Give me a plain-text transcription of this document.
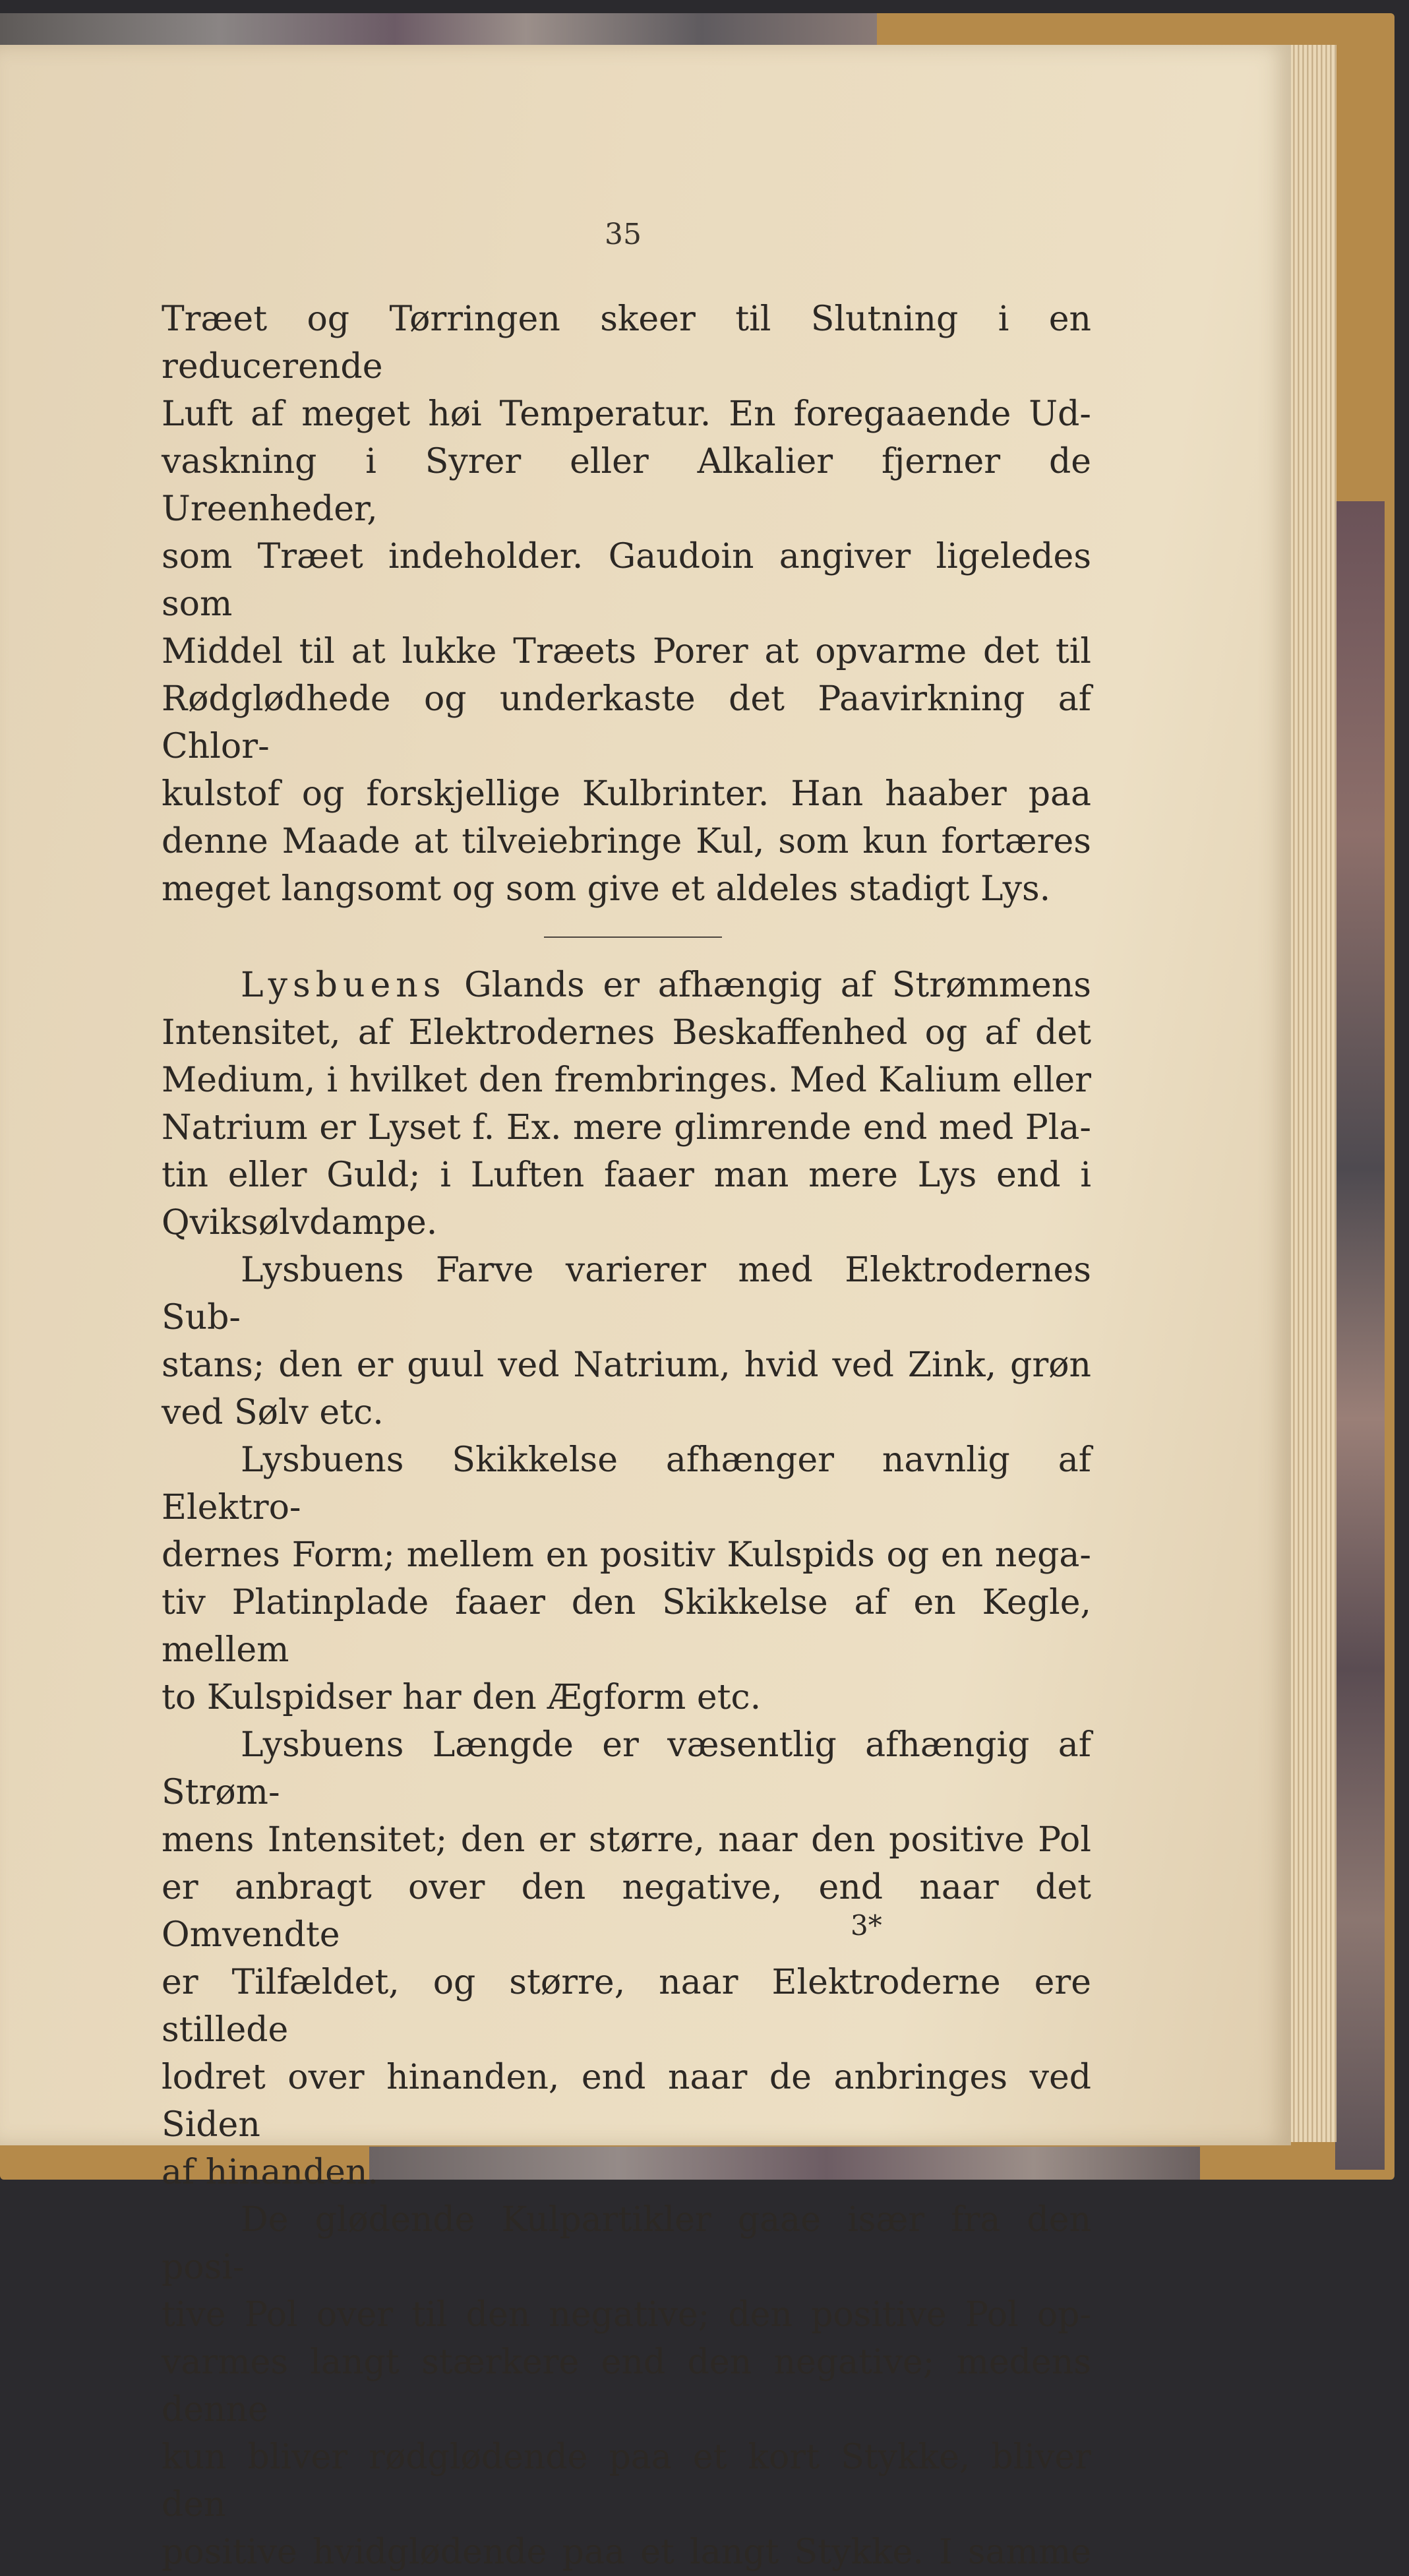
35

Træet og Tørringen skeer til Slutning i en reducerende

Luft af meget høi Temperatur. En foregaaende Ud-

vaskning i Syrer eller Alkalier fjerner de Ureenheder,

som Træet indeholder. Gaudoin angiver ligeledes som

Middel til at lukke Træets Porer at opvarme det til

Rødglødhede og underkaste det Paavirkning af Chlor-

kulstof og forskjellige Kulbrinter. Han haaber paa

denne Maade at tilveiebringe Kul, som kun fortæres

meget langsomt og som give et aldeles stadigt Lys.

Lysbuens Glands er afhængig af Strømmens

Intensitet, af Elektrodernes Beskaffenhed og af det

Medium, i hvilket den frembringes. Med Kalium eller

Natrium er Lyset f. Ex. mere glimrende end med Pla-

tin eller Guld; i Luften faaer man mere Lys end i

Qviksølvdampe.

Lysbuens Farve varierer med Elektrodernes Sub-

stans; den er guul ved Natrium, hvid ved Zink, grøn

ved Sølv etc.

Lysbuens Skikkelse afhænger navnlig af Elektro-

dernes Form; mellem en positiv Kulspids og en nega-

tiv Platinplade faaer den Skikkelse af en Kegle, mellem

to Kulspidser har den Ægform etc.

Lysbuens Længde er væsentlig afhængig af Strøm-

mens Intensitet; den er større, naar den positive Pol

er anbragt over den negative, end naar det Omvendte

er Tilfældet, og større, naar Elektroderne ere stillede

lodret over hinanden, end naar de anbringes ved Siden

af hinanden.

De glødende Kulpartikler gaae især fra den posi-

tive Pol over til den negative; den positive Pol op-

varmes langt stærkere end den negative; medens denne

kun bliver rødglødende paa et kort Stykke, bliver den

positive hvidglødende paa et langt Stykke. I samme

3*
